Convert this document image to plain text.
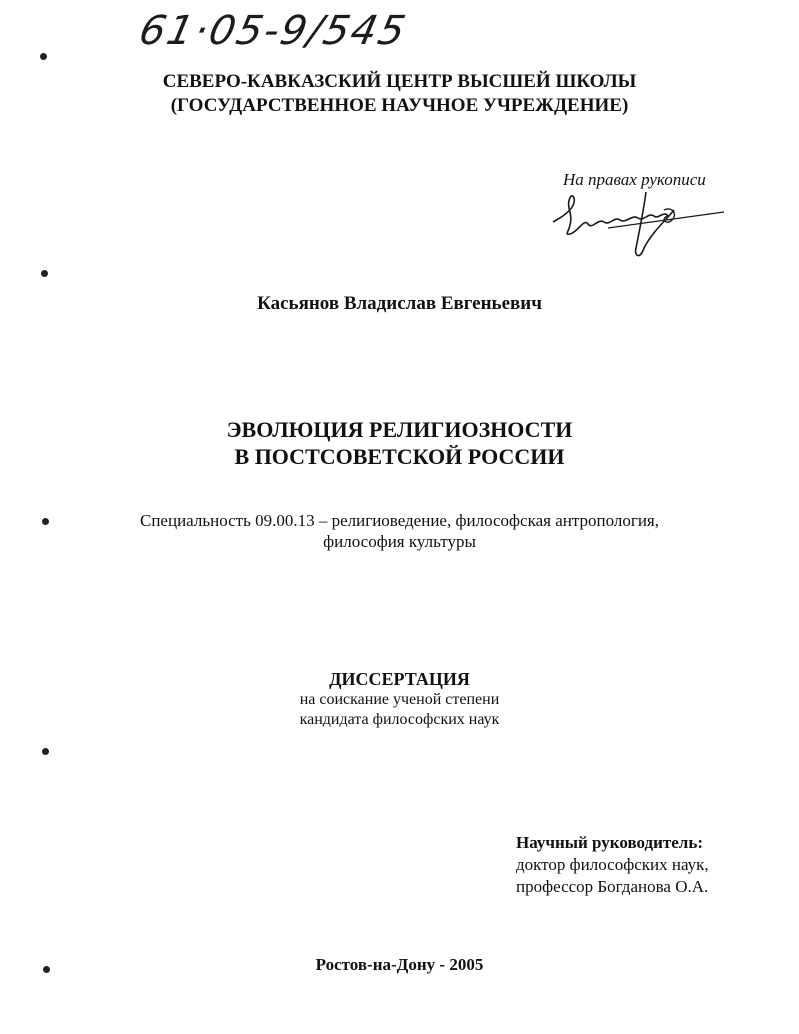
61·05-9/545
СЕВЕРО-КАВКАЗСКИЙ ЦЕНТР ВЫСШЕЙ ШКОЛЫ
(ГОСУДАРСТВЕННОЕ НАУЧНОЕ УЧРЕЖДЕНИЕ)
На правах рукописи
Касьянов Владислав Евгеньевич
ЭВОЛЮЦИЯ РЕЛИГИОЗНОСТИ
В ПОСТСОВЕТСКОЙ РОССИИ
Специальность 09.00.13 – религиоведение, философская антропология,
философия культуры
ДИССЕРТАЦИЯ
на соискание ученой степени
кандидата философских наук
Научный руководитель:
доктор философских наук,
профессор Богданова О.А.
Ростов-на-Дону - 2005
